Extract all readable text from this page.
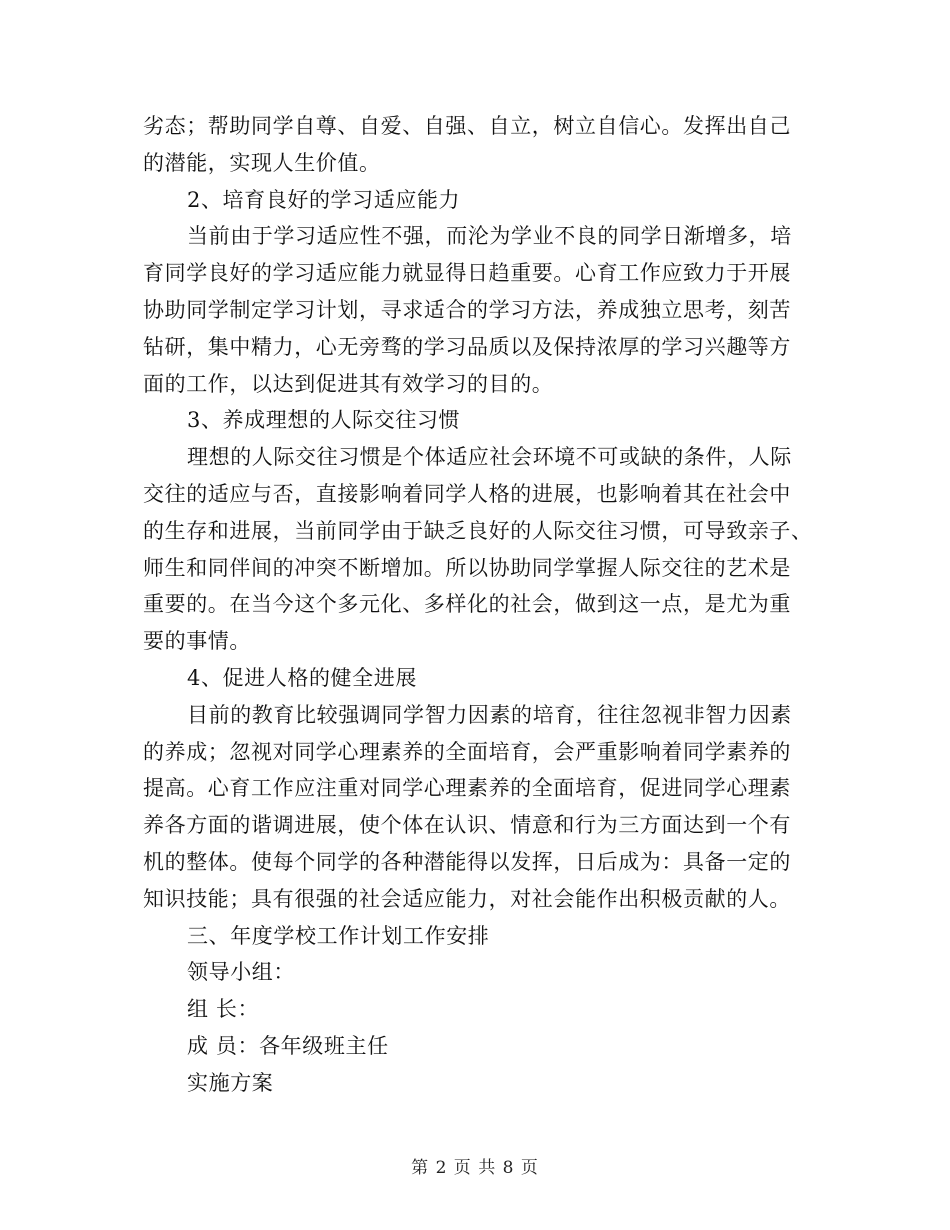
劣态；帮助同学自尊、自爱、自强、自立，树立自信心。发挥出自己
的潜能，实现人生价值。
2、培育良好的学习适应能力
当前由于学习适应性不强，而沦为学业不良的同学日渐增多，培
育同学良好的学习适应能力就显得日趋重要。心育工作应致力于开展
协助同学制定学习计划，寻求适合的学习方法，养成独立思考，刻苦
钻研，集中精力，心无旁骛的学习品质以及保持浓厚的学习兴趣等方
面的工作，以达到促进其有效学习的目的。
3、养成理想的人际交往习惯
理想的人际交往习惯是个体适应社会环境不可或缺的条件，人际
交往的适应与否，直接影响着同学人格的进展，也影响着其在社会中
的生存和进展，当前同学由于缺乏良好的人际交往习惯，可导致亲子、
师生和同伴间的冲突不断增加。所以协助同学掌握人际交往的艺术是
重要的。在当今这个多元化、多样化的社会，做到这一点，是尤为重
要的事情。
4、促进人格的健全进展
目前的教育比较强调同学智力因素的培育，往往忽视非智力因素
的养成；忽视对同学心理素养的全面培育，会严重影响着同学素养的
提高。心育工作应注重对同学心理素养的全面培育，促进同学心理素
养各方面的谐调进展，使个体在认识、情意和行为三方面达到一个有
机的整体。使每个同学的各种潜能得以发挥，日后成为：具备一定的
知识技能；具有很强的社会适应能力，对社会能作出积极贡献的人。
三、年度学校工作计划工作安排
领导小组：
组 长：
成 员：各年级班主任
实施方案
第 2 页 共 8 页
